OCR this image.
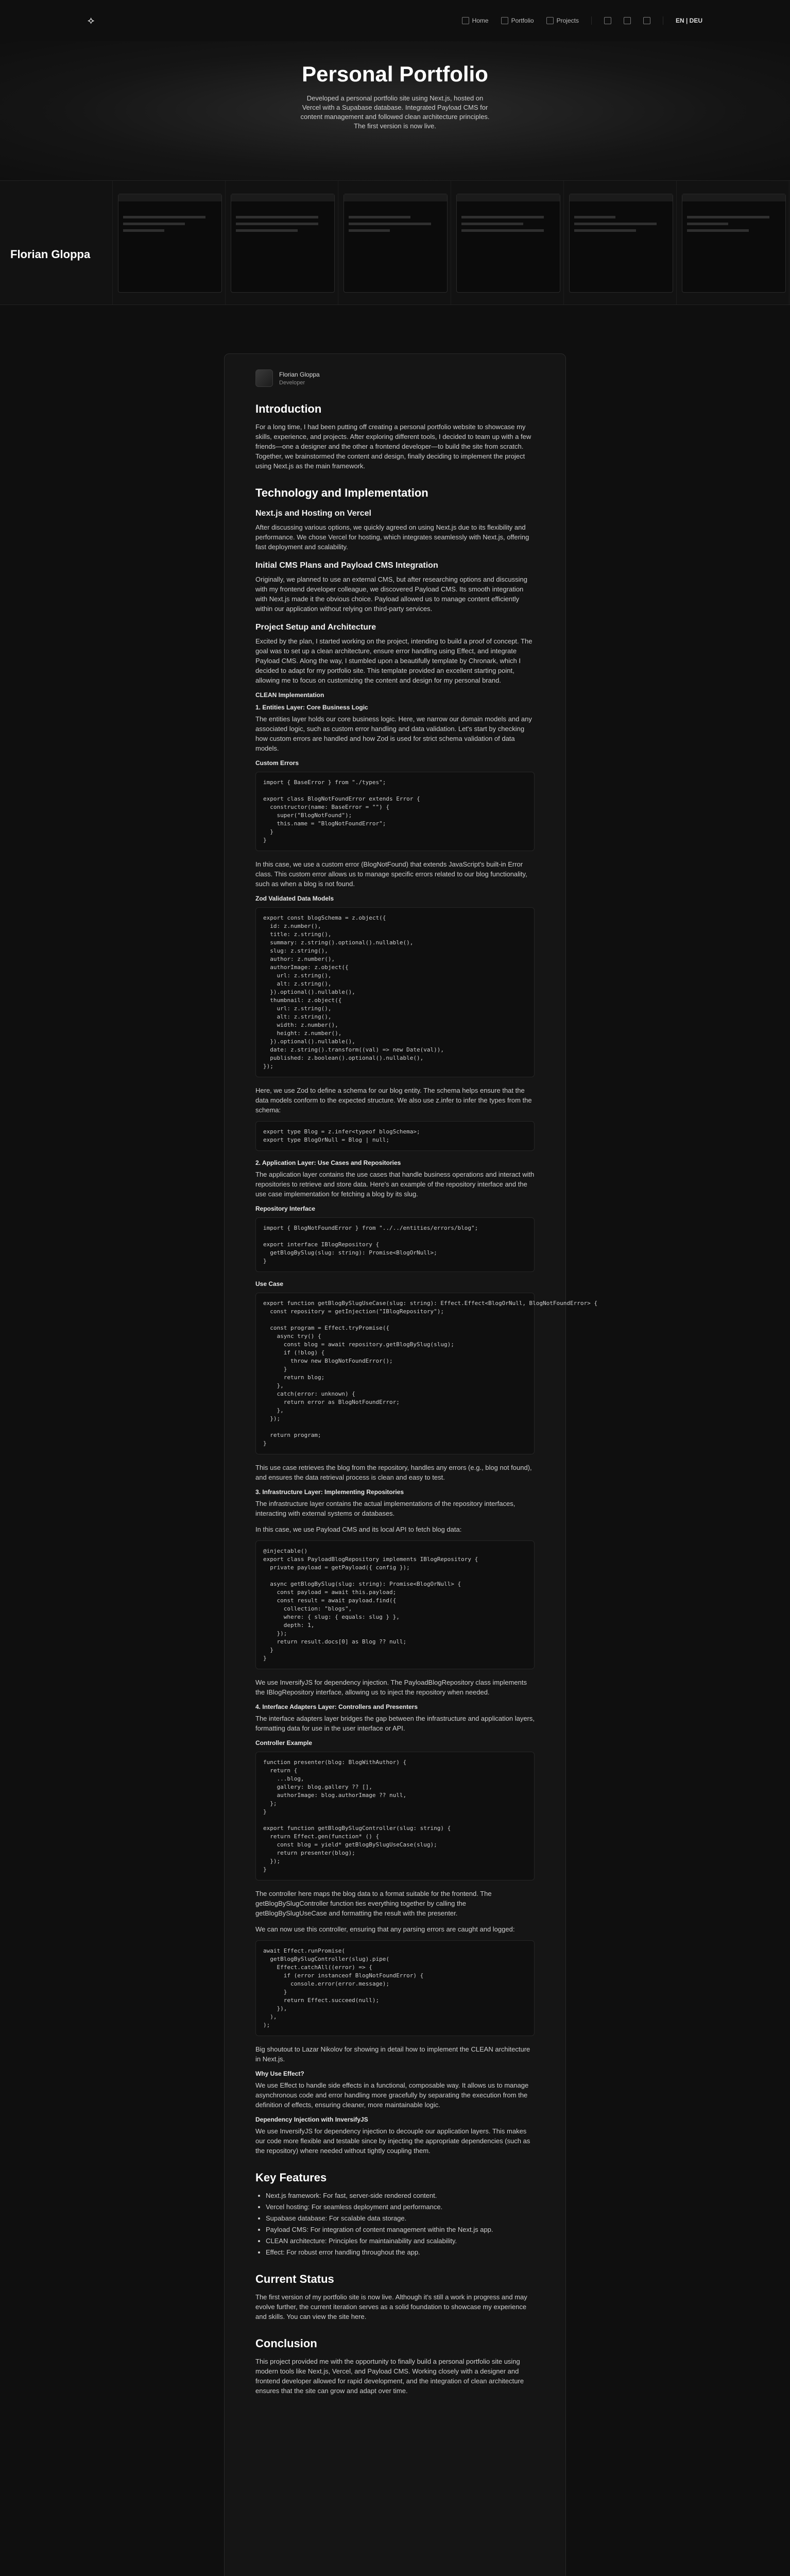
⟡	Home	Portfolio	Projects	EN | DEU
Personal Portfolio
Developed a personal portfolio site using Next.js, hosted on Vercel with a Supabase database. Integrated Payload CMS for content management and followed clean architecture principles. The first version is now live.
Florian Gloppa
Florian Gloppa
Developer
Introduction

For a long time, I had been putting off creating a personal portfolio website to showcase my skills, experience, and projects. After exploring different tools, I decided to team up with a few friends—one a designer and the other a frontend developer—to build the site from scratch. Together, we brainstormed the content and design, finally deciding to implement the project using Next.js as the main framework.

Technology and Implementation
Next.js and Hosting on Vercel

After discussing various options, we quickly agreed on using Next.js due to its flexibility and performance. We chose Vercel for hosting, which integrates seamlessly with Next.js, offering fast deployment and scalability.

Initial CMS Plans and Payload CMS Integration

Originally, we planned to use an external CMS, but after researching options and discussing with my frontend developer colleague, we discovered Payload CMS. Its smooth integration with Next.js made it the obvious choice. Payload allowed us to manage content efficiently within our application without relying on third-party services.

Project Setup and Architecture

Excited by the plan, I started working on the project, intending to build a proof of concept. The goal was to set up a clean architecture, ensure error handling using Effect, and integrate Payload CMS. Along the way, I stumbled upon a beautifully template by Chronark, which I decided to adapt for my portfolio site. This template provided an excellent starting point, allowing me to focus on customizing the content and design for my personal brand.

CLEAN Implementation
1. Entities Layer: Core Business Logic

The entities layer holds our core business logic. Here, we narrow our domain models and any associated logic, such as custom error handling and data validation. Let's start by checking how custom errors are handled and how Zod is used for strict schema validation of data models.

Custom Errors
import { BaseError } from "./types";

export class BlogNotFoundError extends Error {
constructor(name: BaseError = "") {
super("BlogNotFound");
this.name = "BlogNotFoundError";
}
}

In this case, we use a custom error (BlogNotFound) that extends JavaScript's built-in Error class. This custom error allows us to manage specific errors related to our blog functionality, such as when a blog is not found.

Zod Validated Data Models
export const blogSchema = z.object({
id: z.number(),
title: z.string(),
summary: z.string().optional().nullable(),
slug: z.string(),
author: z.number(),
authorImage: z.object({
url: z.string(),
alt: z.string(),
}).optional().nullable(),
thumbnail: z.object({
url: z.string(),
alt: z.string(),
width: z.number(),
height: z.number(),
}).optional().nullable(),
date: z.string().transform((val) => new Date(val)),
published: z.boolean().optional().nullable(),
});

Here, we use Zod to define a schema for our blog entity. The schema helps ensure that the data models conform to the expected structure. We also use z.infer to infer the types from the schema:

export type Blog = z.infer<typeof blogSchema>;
export type BlogOrNull = Blog | null;
2. Application Layer: Use Cases and Repositories

The application layer contains the use cases that handle business operations and interact with repositories to retrieve and store data. Here's an example of the repository interface and the use case implementation for fetching a blog by its slug.

Repository Interface
import { BlogNotFoundError } from "../../entities/errors/blog";

export interface IBlogRepository {
getBlogBySlug(slug: string): Promise<BlogOrNull>;
}
Use Case
export function getBlogBySlugUseCase(slug: string): Effect.Effect<BlogOrNull, BlogNotFoundError> {
const repository = getInjection("IBlogRepository");

const program = Effect.tryPromise({
async try() {
const blog = await repository.getBlogBySlug(slug);
if (!blog) {
throw new BlogNotFoundError();
}
return blog;
},
catch(error: unknown) {
return error as BlogNotFoundError;
},
});

return program;
}

This use case retrieves the blog from the repository, handles any errors (e.g., blog not found), and ensures the data retrieval process is clean and easy to test.

3. Infrastructure Layer: Implementing Repositories

The infrastructure layer contains the actual implementations of the repository interfaces, interacting with external systems or databases.

In this case, we use Payload CMS and its local API to fetch blog data:

@injectable()
export class PayloadBlogRepository implements IBlogRepository {
private payload = getPayload({ config });

async getBlogBySlug(slug: string): Promise<BlogOrNull> {
const payload = await this.payload;
const result = await payload.find({
collection: "blogs",
where: { slug: { equals: slug } },
depth: 1,
});
return result.docs[0] as Blog ?? null;
}
}

We use InversifyJS for dependency injection. The PayloadBlogRepository class implements the IBlogRepository interface, allowing us to inject the repository when needed.

4. Interface Adapters Layer: Controllers and Presenters

The interface adapters layer bridges the gap between the infrastructure and application layers, formatting data for use in the user interface or API.

Controller Example
function presenter(blog: BlogWithAuthor) {
return {
...blog,
gallery: blog.gallery ?? [],
authorImage: blog.authorImage ?? null,
};
}

export function getBlogBySlugController(slug: string) {
return Effect.gen(function* () {
const blog = yield* getBlogBySlugUseCase(slug);
return presenter(blog);
});
}

The controller here maps the blog data to a format suitable for the frontend. The getBlogBySlugController function ties everything together by calling the getBlogBySlugUseCase and formatting the result with the presenter.

We can now use this controller, ensuring that any parsing errors are caught and logged:

await Effect.runPromise(
getBlogBySlugController(slug).pipe(
Effect.catchAll((error) => {
if (error instanceof BlogNotFoundError) {
console.error(error.message);
}
return Effect.succeed(null);
}),
),
);

Big shoutout to Lazar Nikolov for showing in detail how to implement the CLEAN architecture in Next.js.

Why Use Effect?

We use Effect to handle side effects in a functional, composable way. It allows us to manage asynchronous code and error handling more gracefully by separating the execution from the definition of effects, ensuring cleaner, more maintainable logic.

Dependency Injection with InversifyJS

We use InversifyJS for dependency injection to decouple our application layers. This makes our code more flexible and testable since by injecting the appropriate dependencies (such as the repository) where needed without tightly coupling them.

Key Features
• Next.js framework: For fast, server-side rendered content.
• Vercel hosting: For seamless deployment and performance.
• Supabase database: For scalable data storage.
• Payload CMS: For integration of content management within the Next.js app.
• CLEAN architecture: Principles for maintainability and scalability.
• Effect: For robust error handling throughout the app.
Current Status

The first version of my portfolio site is now live. Although it's still a work in progress and may evolve further, the current iteration serves as a solid foundation to showcase my experience and skills. You can view the site here.

Conclusion

This project provided me with the opportunity to finally build a personal portfolio site using modern tools like Next.js, Vercel, and Payload CMS. Working closely with a designer and frontend developer allowed for rapid development, and the integration of clean architecture ensures that the site can grow and adapt over time.
